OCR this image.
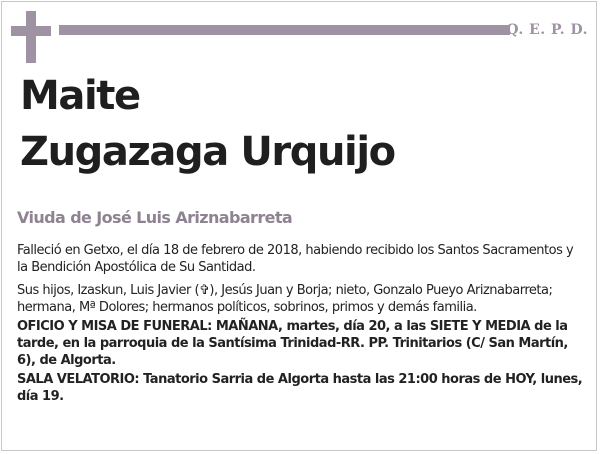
Q. E. P. D.
Maite
Zugazaga Urquijo
Viuda de José Luis Ariznabarreta

Falleció en Getxo, el día 18 de febrero de 2018, habiendo recibido los Santos Sacramentos y la Bendición Apostólica de Su Santidad.

Sus hijos, Izaskun, Luis Javier (✞), Jesús Juan y Borja; nieto, Gonzalo Pueyo Ariznabarreta; hermana, Mª Dolores; hermanos políticos, sobrinos, primos y demás familia.

OFICIO Y MISA DE FUNERAL: MAÑANA, martes, día 20, a las SIETE Y MEDIA de la tarde, en la parroquia de la Santísima Trinidad-RR. PP. Trinitarios (C/ San Martín, 6), de Algorta.

SALA VELATORIO: Tanatorio Sarria de Algorta hasta las 21:00 horas de HOY, lunes, día 19.
